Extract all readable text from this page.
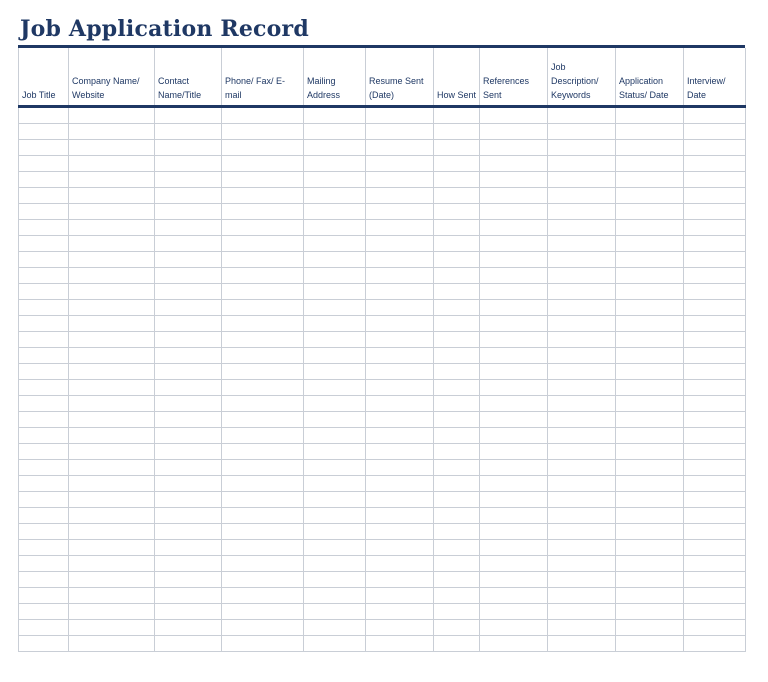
Job Application Record
Job Title	Company Name/ Website	Contact Name/Title	Phone/ Fax/ E-mail	Mailing Address	Resume Sent (Date)	How Sent	References Sent	Job Description/ Keywords	Application Status/ Date	Interview/ Date
